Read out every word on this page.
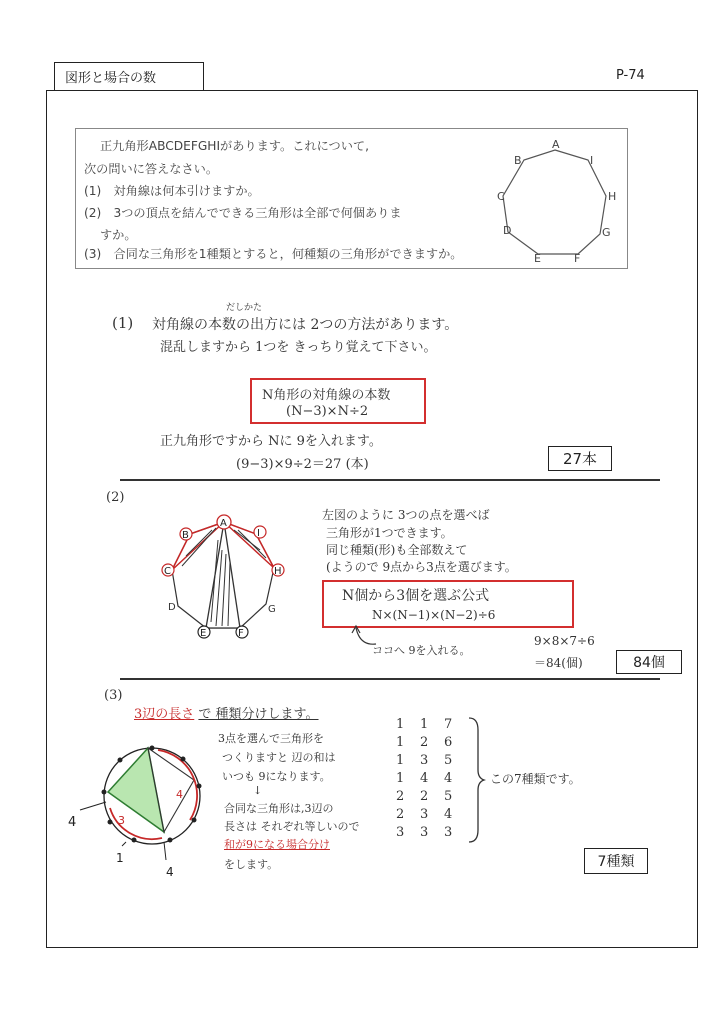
図形と場合の数	P-74
正九角形ABCDEFGHIがあります。これについて,
次の問いに答えなさい。
(1)　対角線は何本引けますか。
(2)　3つの頂点を結んでできる三角形は全部で何個ありま
すか。
(3)　合同な三角形を1種類とすると，何種類の三角形ができますか。
A
B
C
D
E	F
G
H
I
(1)
だしかた
対角線の本数の出方には 2つの方法があります。
混乱しますから 1つを きっちり覚えて下さい。
N角形の対角線の本数
(N−3)×N÷2
正九角形ですから Nに 9を入れます。
(9−3)×9÷2＝27 (本)	27本
(2)
A
B
C
D
E	F
G
H
I
左図のように 3つの点を選べば
三角形が1つできます。
同じ種類(形)も全部数えて
(ようので 9点から3点を選びます。
N個から3個を選ぶ公式
N×(N−1)×(N−2)÷6
ココへ 9を入れる。
9×8×7÷6
＝84(個)	84個
(3)
3辺の長さ で 種類分けします。
4	3
4
1
4
3点を選んで三角形を
つくりますと 辺の和は
いつも 9になります。
↓
合同な三角形は,3辺の
長さは それぞれ等しいので
和が9になる場合分け
をします。
1 1 7
1 2 6
1 3 5
1 4 4
2 2 5
2 3 4
3 3 3
この7種類です。
7種類
